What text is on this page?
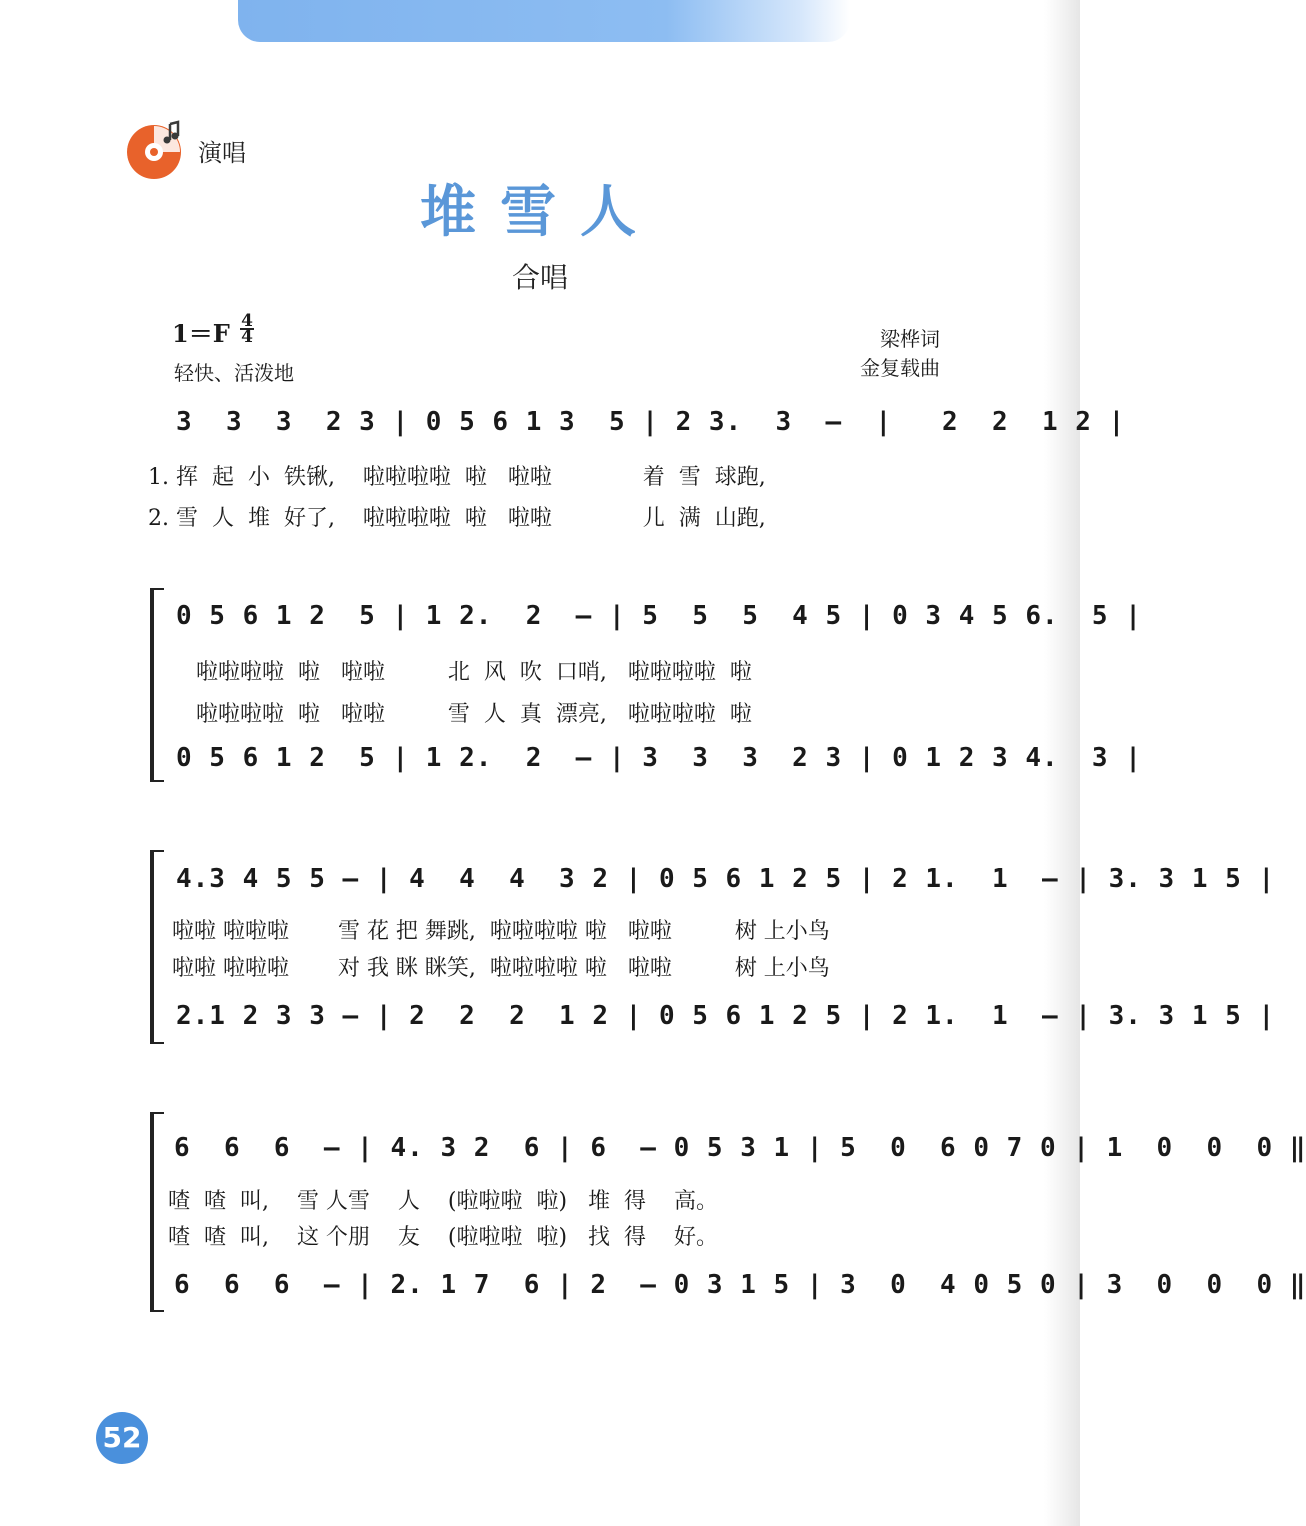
演唱
堆雪人
合唱
1＝F 4
4
轻快、活泼地
梁桦词
金复载曲
3  3  3  2 3 | 0 5 6 1 3  5 | 2 3.  3  –  |   2  2  1 2 |
1. 挥  起  小  铁锹,    啦啦啦啦  啦   啦啦             着  雪  球跑,
2. 雪  人  堆  好了,    啦啦啦啦  啦   啦啦             儿  满  山跑,
0 5 6 1 2  5 | 1 2.  2  – | 5  5  5  4 5 | 0 3 4 5 6.  5 |
啦啦啦啦  啦   啦啦         北  风  吹  口哨,   啦啦啦啦  啦
啦啦啦啦  啦   啦啦         雪  人  真  漂亮,   啦啦啦啦  啦
0 5 6 1 2  5 | 1 2.  2  – | 3  3  3  2 3 | 0 1 2 3 4.  3 |
4.3 4 5 5 – | 4  4  4  3 2 | 0 5 6 1 2 5 | 2 1.  1  – | 3. 3 1 5 |
啦啦 啦啦啦       雪 花 把 舞跳,  啦啦啦啦 啦   啦啦         树 上小鸟
啦啦 啦啦啦       对 我 眯 眯笑,  啦啦啦啦 啦   啦啦         树 上小鸟
2.1 2 3 3 – | 2  2  2  1 2 | 0 5 6 1 2 5 | 2 1.  1  – | 3. 3 1 5 |
6  6  6  – | 4. 3 2  6 | 6  – 0 5 3 1 | 5  0  6 0 7 0 | 1  0  0  0 ‖
喳  喳  叫,    雪 人雪    人    (啦啦啦  啦)   堆  得    高。
喳  喳  叫,    这 个朋    友    (啦啦啦  啦)   找  得    好。
6  6  6  – | 2. 1 7  6 | 2  – 0 3 1 5 | 3  0  4 0 5 0 | 3  0  0  0 ‖
52
